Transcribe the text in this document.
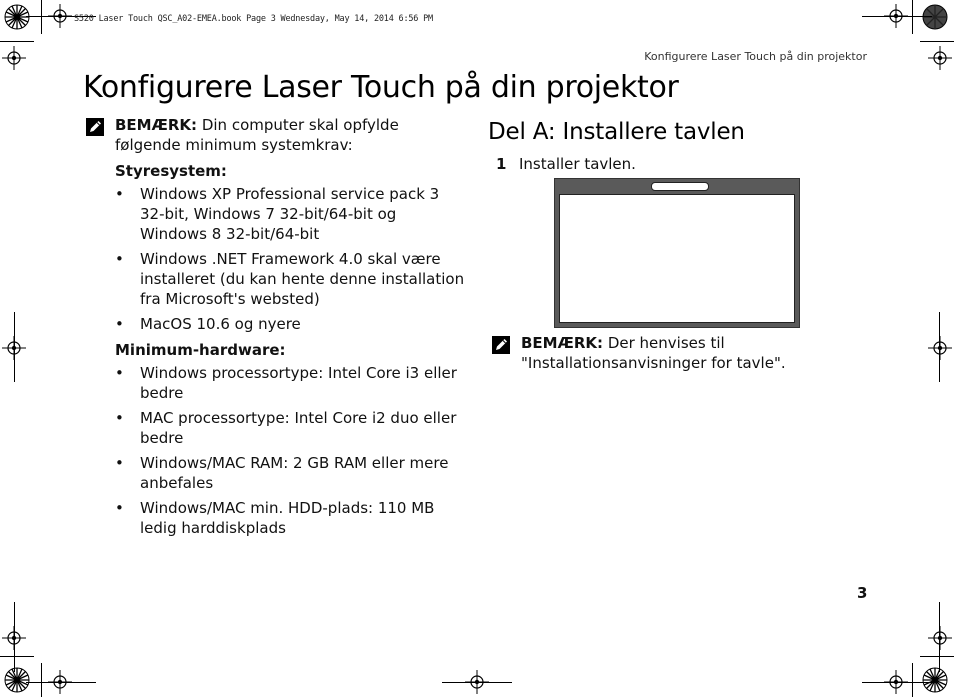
S520 Laser Touch QSC_A02-EMEA.book Page 3 Wednesday, May 14, 2014 6:56 PM
Konfigurere Laser Touch på din projektor
Konfigurere Laser Touch på din projektor
BEMÆRK: Din computer skal opfylde følgende minimum systemkrav:
Styresystem:
• Windows XP Professional service pack 3 32-bit, Windows 7 32-bit/64-bit og Windows 8 32-bit/64-bit
• Windows .NET Framework 4.0 skal være installeret (du kan hente denne installation fra Microsoft's websted)
• MacOS 10.6 og nyere
Minimum-hardware:
• Windows processortype: Intel Core i3 eller bedre
• MAC processortype: Intel Core i2 duo eller bedre
• Windows/MAC RAM: 2 GB RAM eller mere anbefales
• Windows/MAC min. HDD-plads: 110 MB ledig harddiskplads
Del A: Installere tavlen
1 Installer tavlen.
BEMÆRK: Der henvises til "Installationsanvisninger for tavle".
3
